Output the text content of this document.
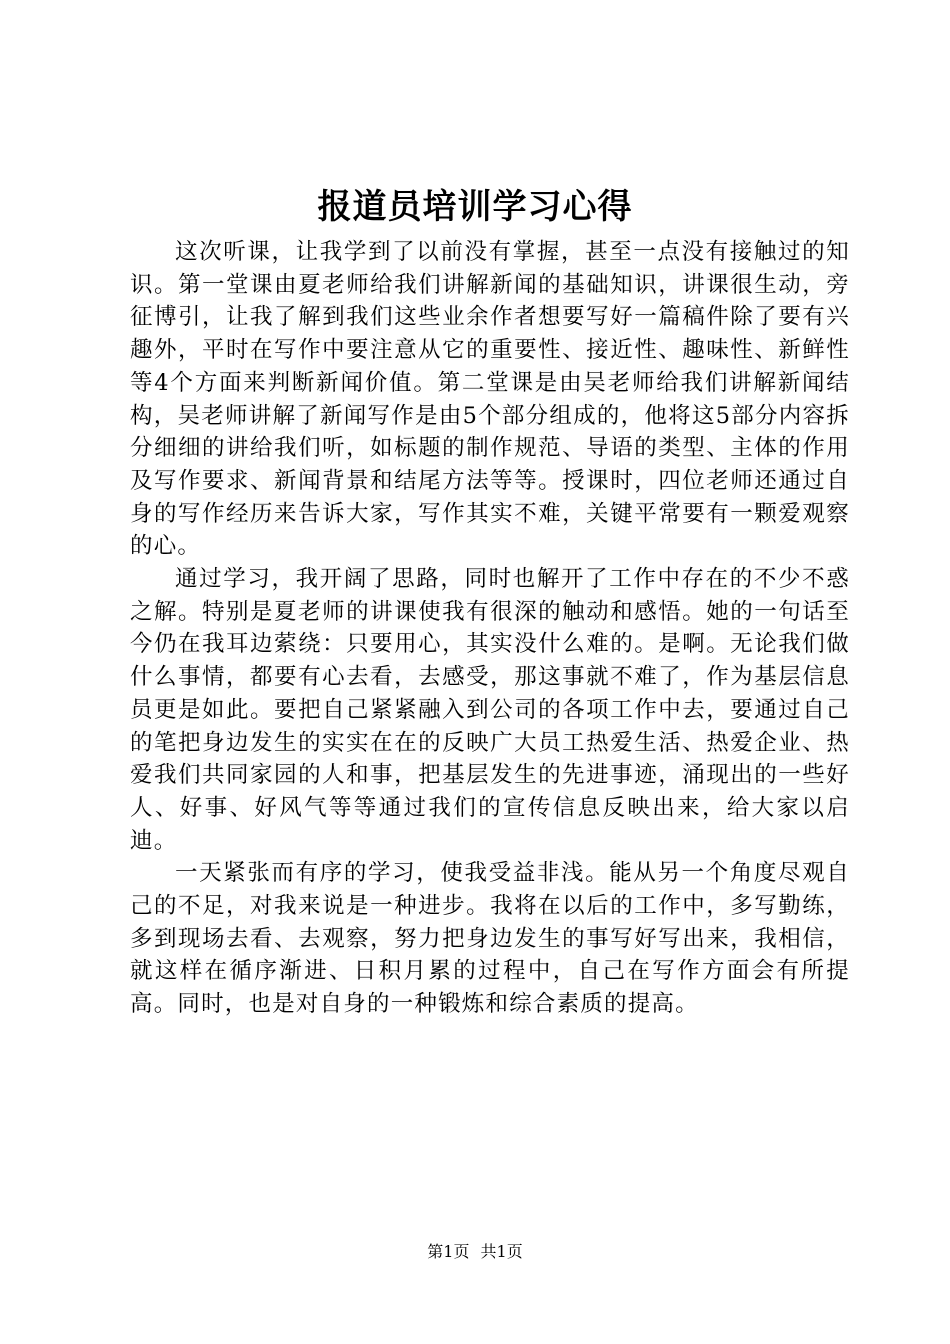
报道员培训学习心得

这次听课，让我学到了以前没有掌握，甚至一点没有接触过的知识。第一堂课由夏老师给我们讲解新闻的基础知识，讲课很生动，旁征博引，让我了解到我们这些业余作者想要写好一篇稿件除了要有兴趣外，平时在写作中要注意从它的重要性、接近性、趣味性、新鲜性等4个方面来判断新闻价值。第二堂课是由吴老师给我们讲解新闻结构，吴老师讲解了新闻写作是由5个部分组成的，他将这5部分内容拆分细细的讲给我们听，如标题的制作规范、导语的类型、主体的作用及写作要求、新闻背景和结尾方法等等。授课时，四位老师还通过自身的写作经历来告诉大家，写作其实不难，关键平常要有一颗爱观察的心。

通过学习，我开阔了思路，同时也解开了工作中存在的不少不惑之解。特别是夏老师的讲课使我有很深的触动和感悟。她的一句话至今仍在我耳边萦绕：只要用心，其实没什么难的。是啊。无论我们做什么事情，都要有心去看，去感受，那这事就不难了，作为基层信息员更是如此。要把自己紧紧融入到公司的各项工作中去，要通过自己的笔把身边发生的实实在在的反映广大员工热爱生活、热爱企业、热爱我们共同家园的人和事，把基层发生的先进事迹，涌现出的一些好人、好事、好风气等等通过我们的宣传信息反映出来，给大家以启迪。

一天紧张而有序的学习，使我受益非浅。能从另一个角度尽观自己的不足，对我来说是一种进步。我将在以后的工作中，多写勤练，多到现场去看、去观察，努力把身边发生的事写好写出来，我相信，就这样在循序渐进、日积月累的过程中，自己在写作方面会有所提高。同时，也是对自身的一种锻炼和综合素质的提高。

第1页 共1页
